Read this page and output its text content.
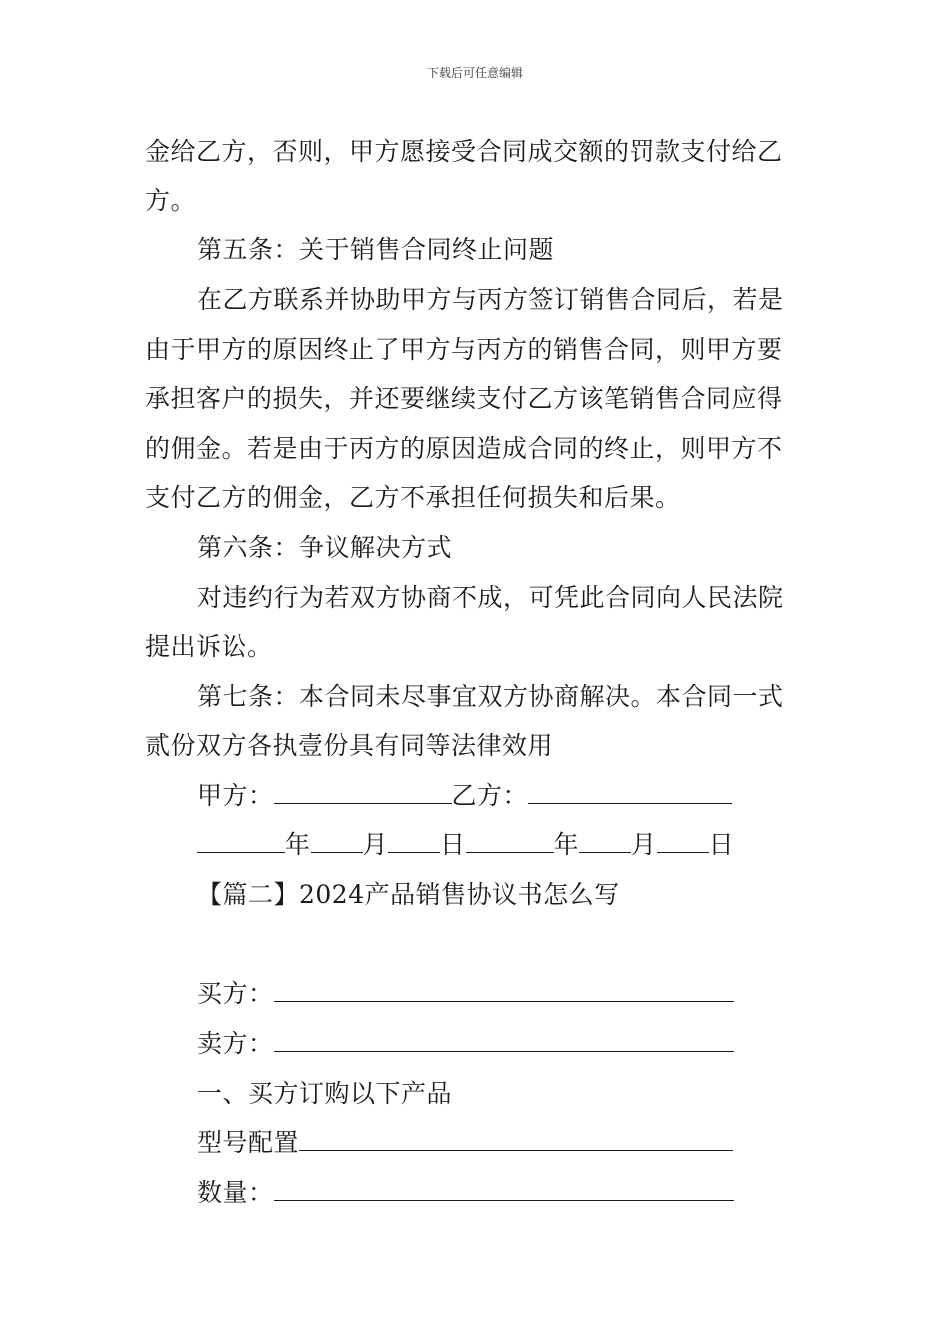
下载后可任意编辑
金给乙方，否则，甲方愿接受合同成交额的罚款支付给乙
方。
第五条：关于销售合同终止问题
在乙方联系并协助甲方与丙方签订销售合同后，若是
由于甲方的原因终止了甲方与丙方的销售合同，则甲方要
承担客户的损失，并还要继续支付乙方该笔销售合同应得
的佣金。若是由于丙方的原因造成合同的终止，则甲方不
支付乙方的佣金，乙方不承担任何损失和后果。
第六条：争议解决方式
对违约行为若双方协商不成，可凭此合同向人民法院
提出诉讼。
第七条：本合同未尽事宜双方协商解决。本合同一式
贰份双方各执壹份具有同等法律效用
甲方：	乙方：
年 月 日	年 月 日
【篇二】2024产品销售协议书怎么写
买方：
卖方：
一、买方订购以下产品
型号配置
数量：
